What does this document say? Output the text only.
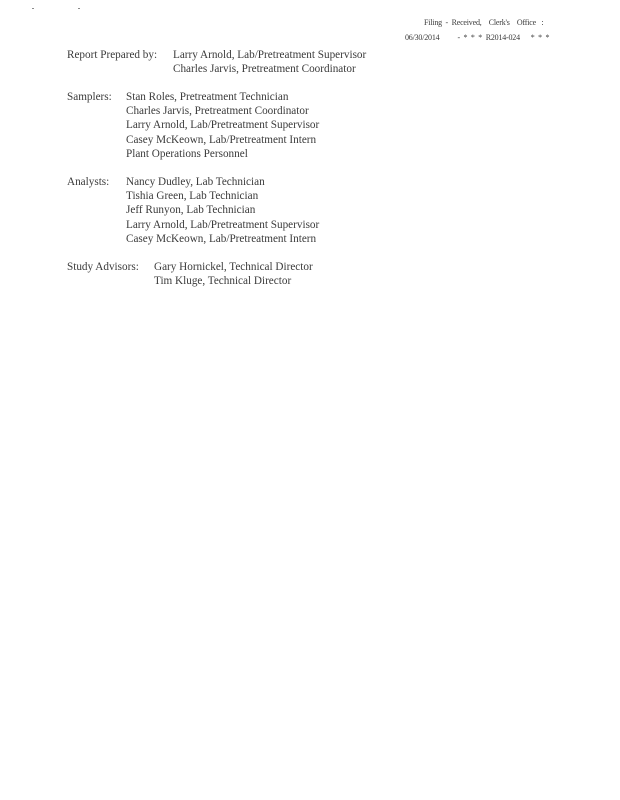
Filing  -  Received,    Clerk's    Office   :
06/30/2014          -  *  *  *  R2014-024      *  *  *
Report Prepared by: Larry Arnold, Lab/Pretreatment Supervisor
Charles Jarvis, Pretreatment Coordinator
Samplers: Stan Roles, Pretreatment Technician
Charles Jarvis, Pretreatment Coordinator
Larry Arnold, Lab/Pretreatment Supervisor
Casey McKeown, Lab/Pretreatment Intern
Plant Operations Personnel
Analysts: Nancy Dudley, Lab Technician
Tishia Green, Lab Technician
Jeff Runyon, Lab Technician
Larry Arnold, Lab/Pretreatment Supervisor
Casey McKeown, Lab/Pretreatment Intern
Study Advisors: Gary Hornickel, Technical Director
Tim Kluge, Technical Director
